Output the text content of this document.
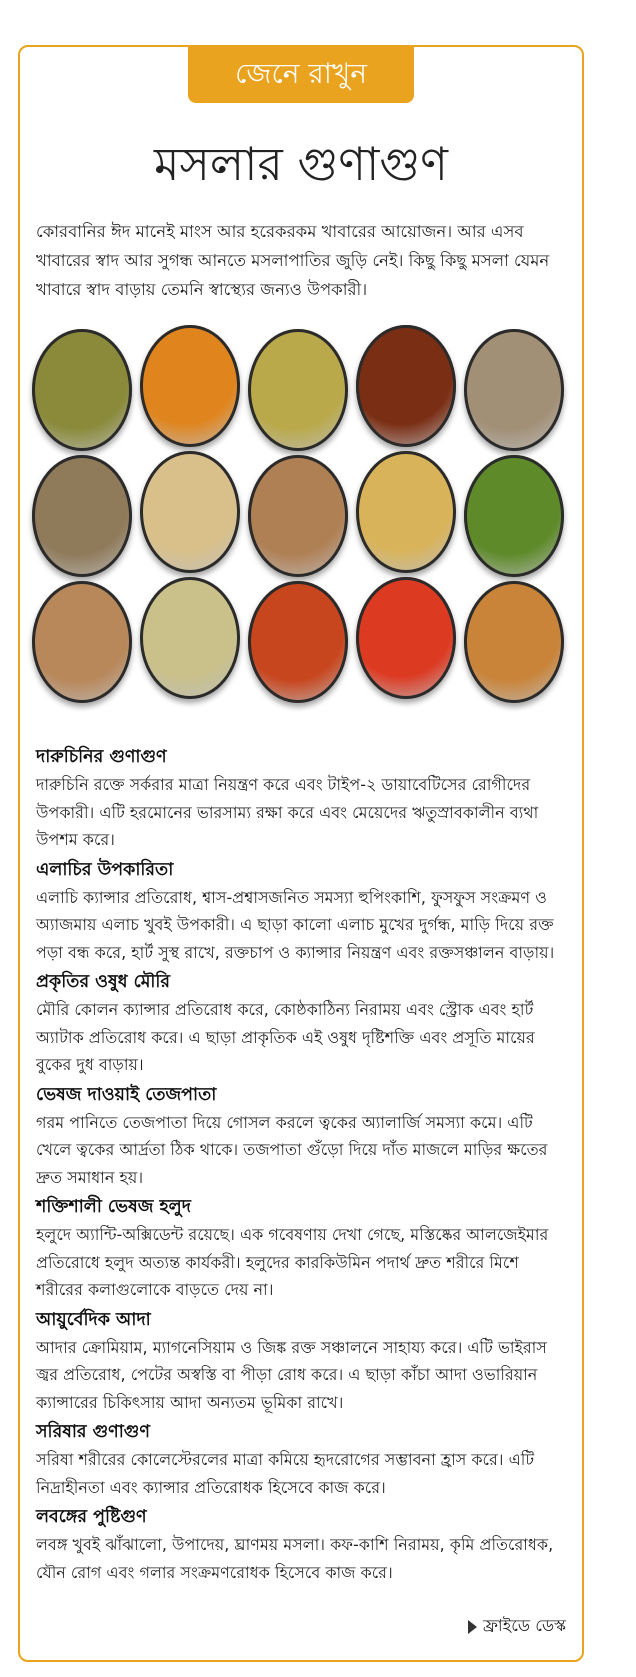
জেনে রাখুন
মসলার গুণাগুণ
কোরবানির ঈদ মানেই মাংস আর হরেকরকম খাবারের আয়োজন। আর এসব খাবারের স্বাদ আর সুগন্ধ আনতে মসলাপাতির জুড়ি নেই। কিছু কিছু মসলা যেমন খাবারে স্বাদ বাড়ায় তেমনি স্বাস্থ্যের জন্যও উপকারী।
দারুচিনির গুণাগুণ

দারুচিনি রক্তে সর্করার মাত্রা নিয়ন্ত্রণ করে এবং টাইপ-২ ডায়াবেটিসের রোগীদের উপকারী। এটি হরমোনের ভারসাম্য রক্ষা করে এবং মেয়েদের ঋতুস্রাবকালীন ব্যথা উপশম করে।

এলাচির উপকারিতা

এলাচি ক্যান্সার প্রতিরোধ, শ্বাস-প্রশ্বাসজনিত সমস্যা হুপিংকাশি, ফুসফুস সংক্রমণ ও অ্যাজমায় এলাচ খুবই উপকারী। এ ছাড়া কালো এলাচ মুখের দুর্গন্ধ, মাড়ি দিয়ে রক্ত পড়া বন্ধ করে, হার্ট সুস্থ রাখে, রক্তচাপ ও ক্যান্সার নিয়ন্ত্রণ এবং রক্তসঞ্চালন বাড়ায়।

প্রকৃতির ওষুধ মৌরি

মৌরি কোলন ক্যান্সার প্রতিরোধ করে, কোষ্ঠকাঠিন্য নিরাময় এবং স্ট্রোক এবং হার্ট অ্যাটাক প্রতিরোধ করে। এ ছাড়া প্রাকৃতিক এই ওষুধ দৃষ্টিশক্তি এবং প্রসূতি মায়ের বুকের দুধ বাড়ায়।

ভেষজ দাওয়াই তেজপাতা

গরম পানিতে তেজপাতা দিয়ে গোসল করলে ত্বকের অ্যালার্জি সমস্যা কমে। এটি খেলে ত্বকের আর্দ্রতা ঠিক থাকে। তজপাতা গুঁড়ো দিয়ে দাঁত মাজলে মাড়ির ক্ষতের দ্রুত সমাধান হয়।

শক্তিশালী ভেষজ হলুদ

হলুদে অ্যান্টি-অক্সিডেন্ট রয়েছে। এক গবেষণায় দেখা গেছে, মস্তিষ্কের আলজেইমার প্রতিরোধে হলুদ অত্যন্ত কার্যকরী। হলুদের কারকিউমিন পদার্থ দ্রুত শরীরে মিশে শরীরের কলাগুলোকে বাড়তে দেয় না।

আয়ুর্বেদিক আদা

আদার ক্রোমিয়াম, ম্যাগনেসিয়াম ও জিঙ্ক রক্ত সঞ্চালনে সাহায্য করে। এটি ভাইরাস জ্বর প্রতিরোধ, পেটের অস্বস্তি বা পীড়া রোধ করে। এ ছাড়া কাঁচা আদা ওভারিয়ান ক্যান্সারের চিকিৎসায় আদা অন্যতম ভূমিকা রাখে।

সরিষার গুণাগুণ

সরিষা শরীরের কোলেস্টেরলের মাত্রা কমিয়ে হৃদরোগের সম্ভাবনা হ্রাস করে। এটি নিদ্রাহীনতা এবং ক্যান্সার প্রতিরোধক হিসেবে কাজ করে।

লবঙ্গের পুষ্টিগুণ

লবঙ্গ খুবই ঝাঁঝালো, উপাদেয়, ঘ্রাণময় মসলা। কফ-কাশি নিরাময়, কৃমি প্রতিরোধক, যৌন রোগ এবং গলার সংক্রমণরোধক হিসেবে কাজ করে।

ফ্রাইডে ডেস্ক
